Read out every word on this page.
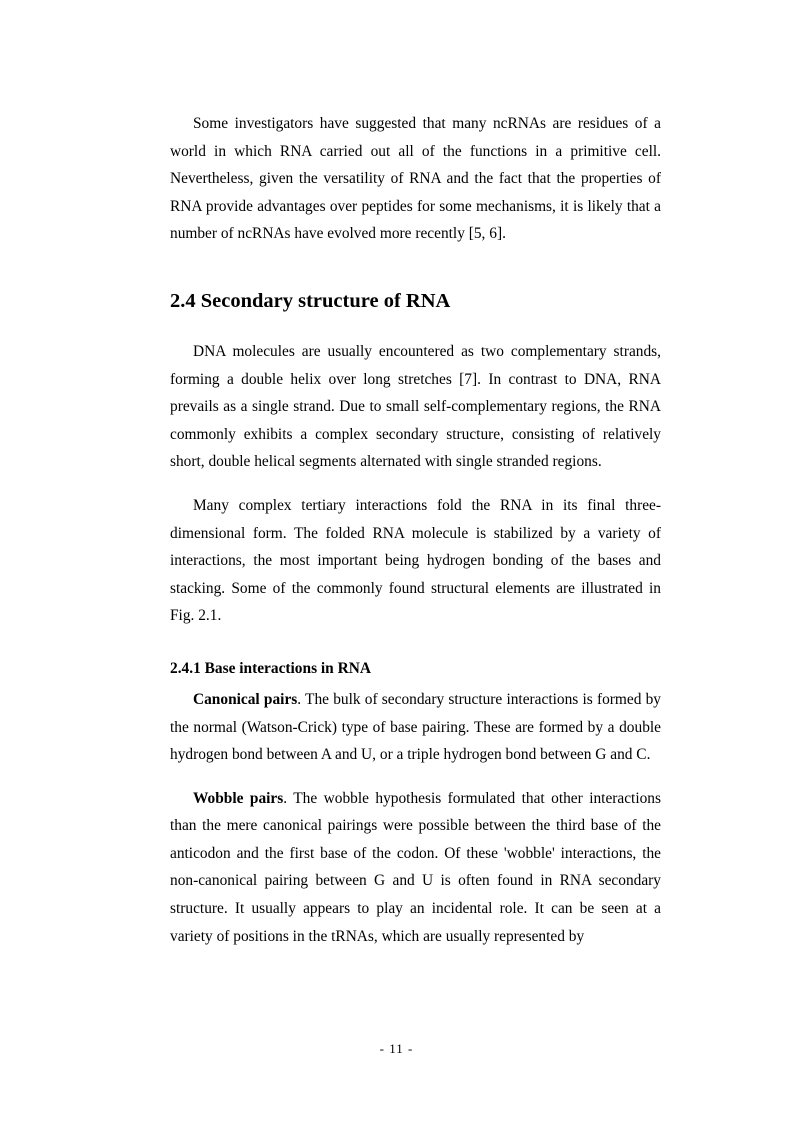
Some investigators have suggested that many ncRNAs are residues of a world in which RNA carried out all of the functions in a primitive cell. Nevertheless, given the versatility of RNA and the fact that the properties of RNA provide advantages over peptides for some mechanisms, it is likely that a number of ncRNAs have evolved more recently [5, 6].

2.4 Secondary structure of RNA

DNA molecules are usually encountered as two complementary strands, forming a double helix over long stretches [7]. In contrast to DNA, RNA prevails as a single strand. Due to small self-complementary regions, the RNA commonly exhibits a complex secondary structure, consisting of relatively short, double helical segments alternated with single stranded regions.

Many complex tertiary interactions fold the RNA in its final three-dimensional form. The folded RNA molecule is stabilized by a variety of interactions, the most important being hydrogen bonding of the bases and stacking. Some of the commonly found structural elements are illustrated in Fig. 2.1.

2.4.1 Base interactions in RNA

Canonical pairs. The bulk of secondary structure interactions is formed by the normal (Watson-Crick) type of base pairing. These are formed by a double hydrogen bond between A and U, or a triple hydrogen bond between G and C.

Wobble pairs. The wobble hypothesis formulated that other interactions than the mere canonical pairings were possible between the third base of the anticodon and the first base of the codon. Of these 'wobble' interactions, the non-canonical pairing between G and U is often found in RNA secondary structure. It usually appears to play an incidental role. It can be seen at a variety of positions in the tRNAs, which are usually represented by

- 11 -
